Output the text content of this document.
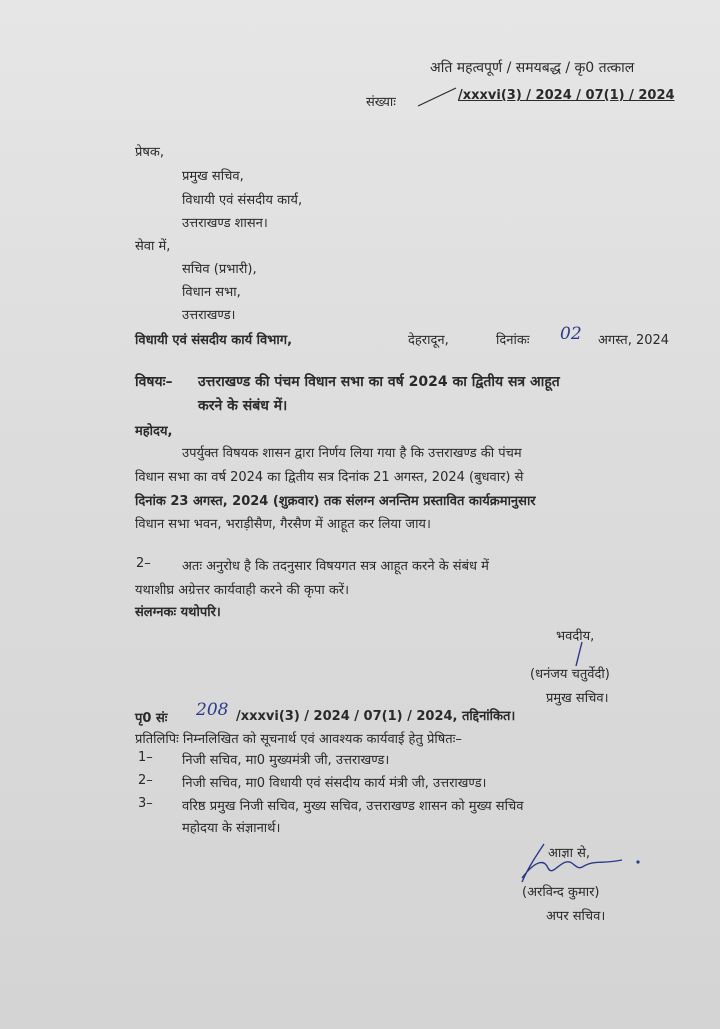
अति महत्वपूर्ण / समयबद्ध / कृ0 तत्काल
संख्याः	/xxxvi(3) / 2024 / 07(1) / 2024
प्रेषक,
प्रमुख सचिव,
विधायी एवं संसदीय कार्य,
उत्तराखण्ड शासन।
सेवा में,
सचिव (प्रभारी),
विधान सभा,
उत्तराखण्ड।
विधायी एवं संसदीय कार्य विभाग,	देहरादून,	दिनांकः 02 अगस्त, 2024
विषयः– उत्तराखण्ड की पंचम विधान सभा का वर्ष 2024 का द्वितीय सत्र आहूत
करने के संबंध में।
महोदय,
उपर्युक्त विषयक शासन द्वारा निर्णय लिया गया है कि उत्तराखण्ड की पंचम
विधान सभा का वर्ष 2024 का द्वितीय सत्र दिनांक 21 अगस्त, 2024 (बुधवार) से
दिनांक 23 अगस्त, 2024 (शुक्रवार) तक संलग्न अनन्तिम प्रस्तावित कार्यक्रमानुसार
विधान सभा भवन, भराड़ीसैण, गैरसैण में आहूत कर लिया जाय।
2– अतः अनुरोध है कि तदनुसार विषयगत सत्र आहूत करने के संबंध में
यथाशीघ्र अग्रेत्तर कार्यवाही करने की कृपा करें।
संलग्नकः यथोपरि।
भवदीय,
(धनंजय चतुर्वेदी)
प्रमुख सचिव।
पृ0 संः 208 /xxxvi(3) / 2024 / 07(1) / 2024, तद्दिनांकित।
प्रतिलिपिः निम्नलिखित को सूचनार्थ एवं आवश्यक कार्यवाई हेतु प्रेषितः–
1– निजी सचिव, मा0 मुख्यमंत्री जी, उत्तराखण्ड।
2– निजी सचिव, मा0 विधायी एवं संसदीय कार्य मंत्री जी, उत्तराखण्ड।
3– वरिष्ठ प्रमुख निजी सचिव, मुख्य सचिव, उत्तराखण्ड शासन को मुख्य सचिव
महोदया के संज्ञानार्थ।
आज्ञा से,
(अरविन्द कुमार)
अपर सचिव।
